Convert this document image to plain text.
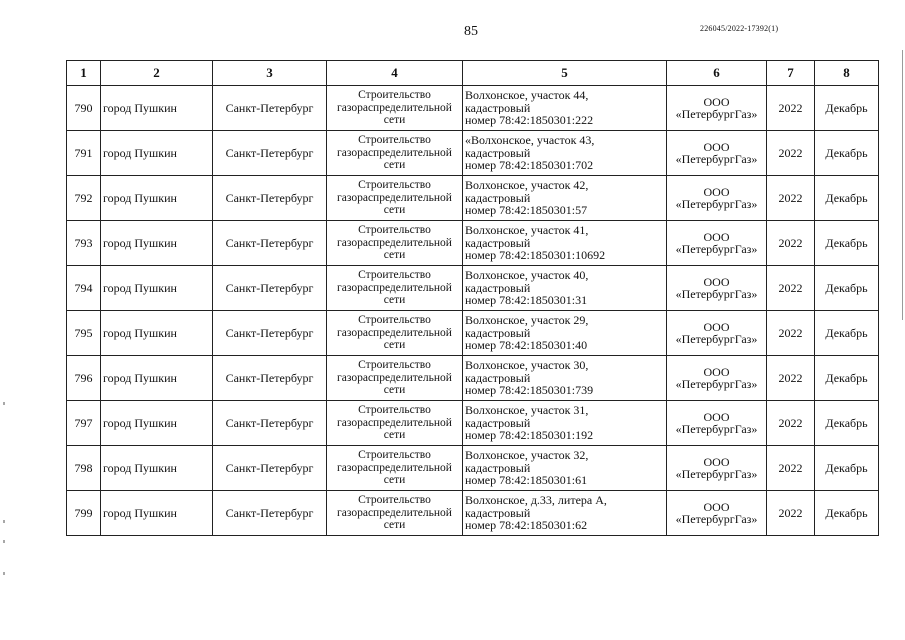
85	226045/2022-17392(1)
1	2	3	4	5	6	7	8
790	город Пушкин	Санкт-Петербург	Строительство
газораспределительной
сети	Волхонское, участок 44,
кадастровый
номер 78:42:1850301:222	ООО
«ПетербургГаз»	2022	Декабрь
791	город Пушкин	Санкт-Петербург	Строительство
газораспределительной
сети	«Волхонское, участок 43,
кадастровый
номер 78:42:1850301:702	ООО
«ПетербургГаз»	2022	Декабрь
792	город Пушкин	Санкт-Петербург	Строительство
газораспределительной
сети	Волхонское, участок 42,
кадастровый
номер 78:42:1850301:57	ООО
«ПетербургГаз»	2022	Декабрь
793	город Пушкин	Санкт-Петербург	Строительство
газораспределительной
сети	Волхонское, участок 41,
кадастровый
номер 78:42:1850301:10692	ООО
«ПетербургГаз»	2022	Декабрь
794	город Пушкин	Санкт-Петербург	Строительство
газораспределительной
сети	Волхонское, участок 40,
кадастровый
номер 78:42:1850301:31	ООО
«ПетербургГаз»	2022	Декабрь
795	город Пушкин	Санкт-Петербург	Строительство
газораспределительной
сети	Волхонское, участок 29,
кадастровый
номер 78:42:1850301:40	ООО
«ПетербургГаз»	2022	Декабрь
796	город Пушкин	Санкт-Петербург	Строительство
газораспределительной
сети	Волхонское, участок 30,
кадастровый
номер 78:42:1850301:739	ООО
«ПетербургГаз»	2022	Декабрь
797	город Пушкин	Санкт-Петербург	Строительство
газораспределительной
сети	Волхонское, участок 31,
кадастровый
номер 78:42:1850301:192	ООО
«ПетербургГаз»	2022	Декабрь
798	город Пушкин	Санкт-Петербург	Строительство
газораспределительной
сети	Волхонское, участок 32,
кадастровый
номер 78:42:1850301:61	ООО
«ПетербургГаз»	2022	Декабрь
799	город Пушкин	Санкт-Петербург	Строительство
газораспределительной
сети	Волхонское, д.33, литера А,
кадастровый
номер 78:42:1850301:62	ООО
«ПетербургГаз»	2022	Декабрь
